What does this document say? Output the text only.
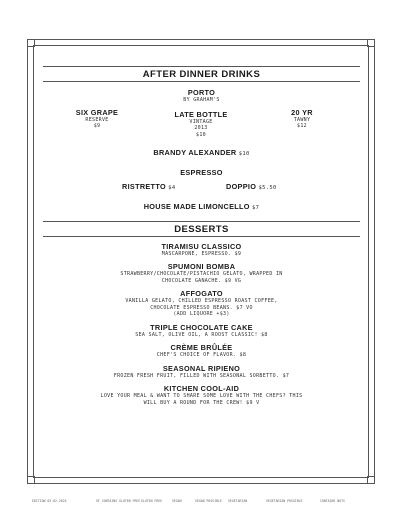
AFTER DINNER DRINKS
PORTO
BY GRAHAM'S
SIX GRAPE
RESERVE
$9
LATE BOTTLE
VINTAGE
2013
$10
20 YR
TAWNY
$12
BRANDY ALEXANDER $10
ESPRESSO
RISTRETTO $4	DOPPIO $5.50
HOUSE MADE LIMONCELLO $7
DESSERTS
TIRAMISU CLASSICO
MASCARPONE, ESPRESSO. $9
SPUMONI BOMBA
STRAWBERRY/CHOCOLATE/PISTACHIO GELATO, WRAPPED IN
CHOCOLATE GANACHE. $9 VG
AFFOGATO
VANILLA GELATO, CHILLED ESPRESSO ROAST COFFEE,
CHOCOLATE ESPRESSO BEANS. $7 VO
(ADD LIQUORE +$3)
TRIPLE CHOCOLATE CAKE
SEA SALT, OLIVE OIL, A ROOST CLASSIC! $8
CRÈME BRÛLÉE
CHEF'S CHOICE OF FLAVOR. $8
SEASONAL RIPIENO
FROZEN FRESH FRUIT, FILLED WITH SEASONAL SORBETTO. $7
KITCHEN COOL-AID
LOVE YOUR MEAL & WANT TO SHARE SOME LOVE WITH THE CHEFS? THIS
WILL BUY A ROUND FOR THE CREW! $9 V
EDITION 03.02.2024	GF CONTAINS GLUTEN FREE GLUTEN FREE	VEGAN	VEGAN POSSIBLE VEGETARIAN	VEGETARIAN POSSIBLE	CONTAINS NUTS
